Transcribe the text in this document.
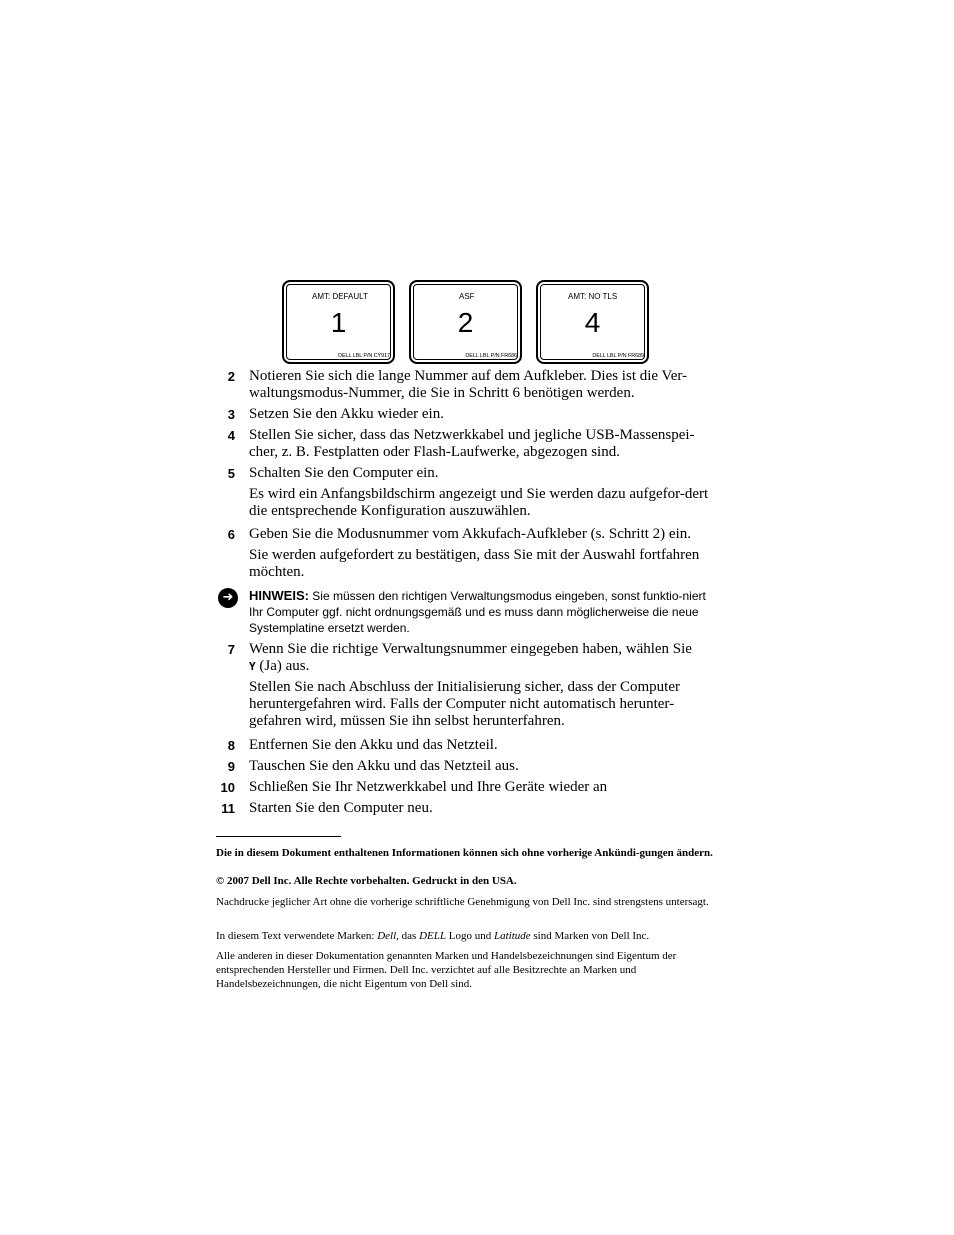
AMT: DEFAULT
1
DELL LBL P/N CY917
ASF
2
DELL LBL P/N FR686
AMT: NO TLS
4
DELL LBL P/N FR689
2 Notieren Sie sich die lange Nummer auf dem Aufkleber. Dies ist die Ver-waltungsmodus-Nummer, die Sie in Schritt 6 benötigen werden.
3 Setzen Sie den Akku wieder ein.
4 Stellen Sie sicher, dass das Netzwerkkabel und jegliche USB-Massenspei-cher, z. B. Festplatten oder Flash-Laufwerke, abgezogen sind.
5 Schalten Sie den Computer ein.
Es wird ein Anfangsbildschirm angezeigt und Sie werden dazu aufgefor-dert die entsprechende Konfiguration auszuwählen.
6 Geben Sie die Modusnummer vom Akkufach-Aufkleber (s. Schritt 2) ein.
Sie werden aufgefordert zu bestätigen, dass Sie mit der Auswahl fortfahren möchten.
➜	HINWEIS: Sie müssen den richtigen Verwaltungsmodus eingeben, sonst funktio-niert Ihr Computer ggf. nicht ordnungsgemäß und es muss dann möglicherweise die neue Systemplatine ersetzt werden.
7 Wenn Sie die richtige Verwaltungsnummer eingegeben haben, wählen Sie
Y (Ja) aus.
Stellen Sie nach Abschluss der Initialisierung sicher, dass der Computer heruntergefahren wird. Falls der Computer nicht automatisch herunter-gefahren wird, müssen Sie ihn selbst herunterfahren.
8 Entfernen Sie den Akku und das Netzteil.
9 Tauschen Sie den Akku und das Netzteil aus.
10 Schließen Sie Ihr Netzwerkkabel und Ihre Geräte wieder an
11 Starten Sie den Computer neu.
Die in diesem Dokument enthaltenen Informationen können sich ohne vorherige Ankündi-gungen ändern.
© 2007 Dell Inc. Alle Rechte vorbehalten. Gedruckt in den USA.
Nachdrucke jeglicher Art ohne die vorherige schriftliche Genehmigung von Dell Inc. sind strengstens untersagt.
In diesem Text verwendete Marken: Dell, das DELL Logo und Latitude sind Marken von Dell Inc.
Alle anderen in dieser Dokumentation genannten Marken und Handelsbezeichnungen sind Eigentum der entsprechenden Hersteller und Firmen. Dell Inc. verzichtet auf alle Besitzrechte an Marken und Handelsbezeichnungen, die nicht Eigentum von Dell sind.
